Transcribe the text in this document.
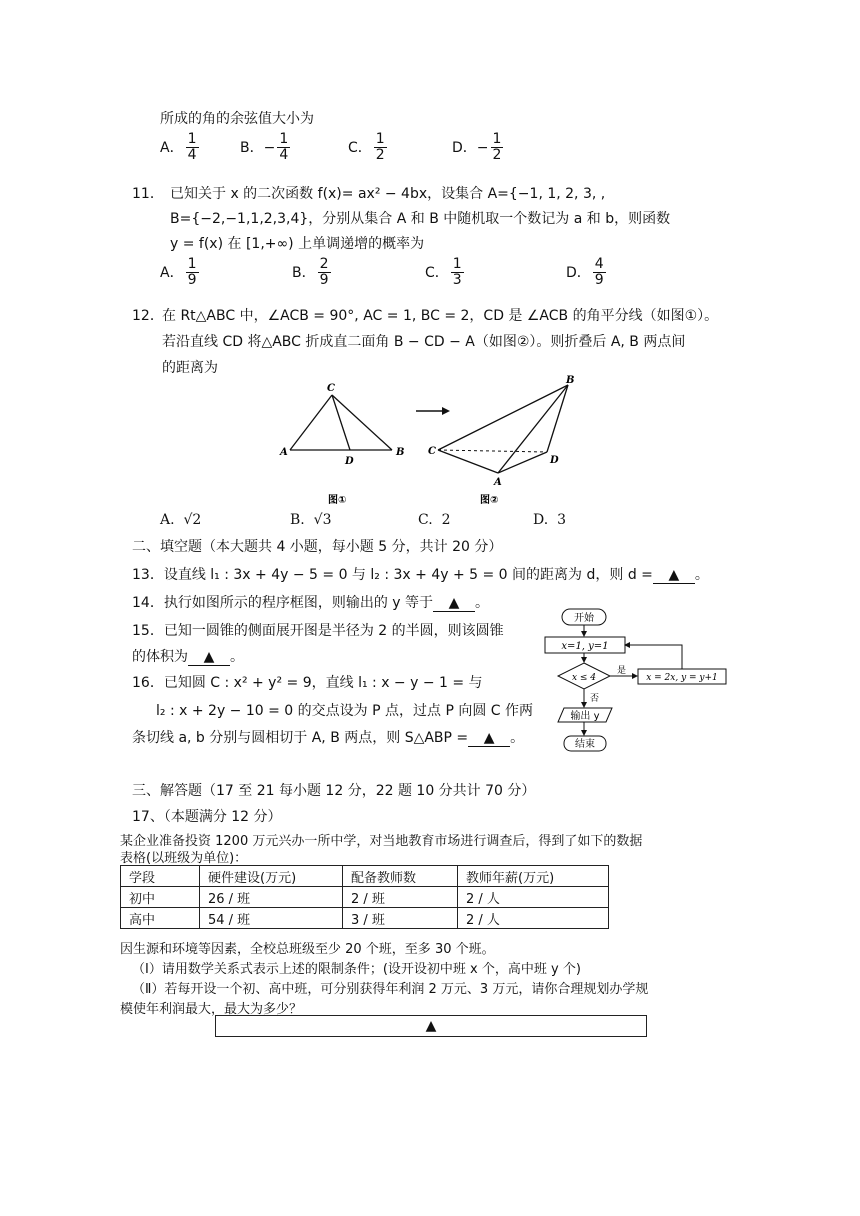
所成的角的余弦值大小为
A． $\frac{1}{4}$	B．− $\frac{1}{4}$	C． $\frac{1}{2}$	D．− $\frac{1}{2}$
11． 已知关于 x 的二次函数 f(x)= ax² − 4bx，设集合 A={−1, 1, 2, 3, ,
B={−2,−1,1,2,3,4}，分别从集合 A 和 B 中随机取一个数记为 a 和 b，则函数
y = f(x) 在 [1,+∞) 上单调递增的概率为
A． $\frac{1}{9}$	B． $\frac{2}{9}$	C． $\frac{1}{3}$	D． $\frac{4}{9}$
12．
在 Rt△ABC 中，∠ACB = 90°, AC = 1, BC = 2，CD 是 ∠ACB 的角平分线（如图①）。
若沿直线 CD 将△ABC 折成直二面角 B − CD − A（如图②）。则折叠后 A, B 两点间
的距离为
C
A	B
D
图①
B
C
D
A
图②
A. √2	B. √3	C. 2	D. 3
二、填空题（本大题共 4 小题，每小题 5 分，共计 20 分）
13．设直线 l₁ : 3x + 4y − 5 = 0 与 l₂ : 3x + 4y + 5 = 0 间的距离为 d，则 d = ▲ 。
14．执行如图所示的程序框图，则输出的 y 等于 ▲ 。
15．已知一圆锥的侧面展开图是半径为 2 的半圆，则该圆锥
的体积为 ▲ 。
16．已知圆 C : x² + y² = 9，直线 l₁ : x − y − 1 = 与
l₂ : x + 2y − 10 = 0 的交点设为 P 点，过点 P 向圆 C 作两
条切线 a, b 分别与圆相切于 A, B 两点，则 S△ABP = ▲ 。
开始
x=1, y=1
x ≤ 4
是
x = 2x, y = y+1
否
输出 y
结束
三、解答题（17 至 21 每小题 12 分，22 题 10 分共计 70 分）
17、（本题满分 12 分）
某企业准备投资 1200 万元兴办一所中学，对当地教育市场进行调查后，得到了如下的数据
表格(以班级为单位)：
学段	硬件建设(万元)	配备教师数	教师年薪(万元)
初中	26 / 班	2 / 班	2 / 人
高中	54 / 班	3 / 班	2 / 人
因生源和环境等因素，全校总班级至少 20 个班，至多 30 个班。
（Ⅰ）请用数学关系式表示上述的限制条件；(设开设初中班 x 个，高中班 y 个)
（Ⅱ）若每开设一个初、高中班，可分别获得年利润 2 万元、3 万元，请你合理规划办学规
模使年利润最大，最大为多少？
▲
